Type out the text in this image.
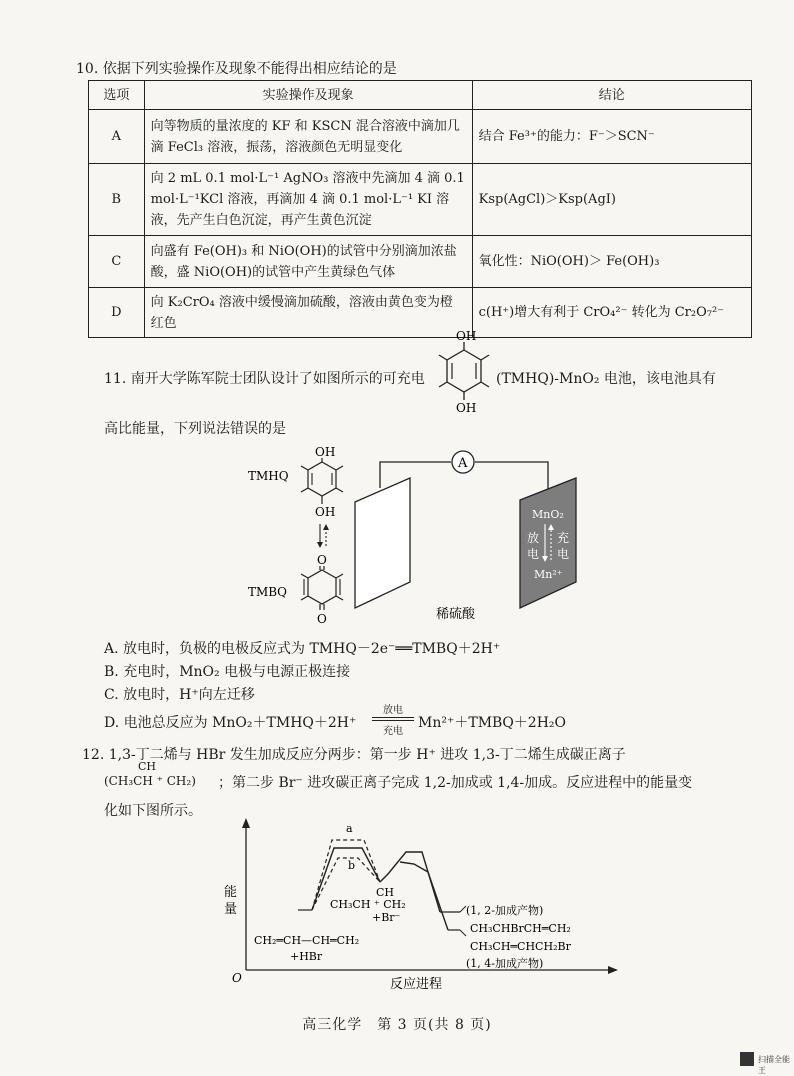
10. 依据下列实验操作及现象不能得出相应结论的是
选项	实验操作及现象	结论
A	向等物质的量浓度的 KF 和 KSCN 混合溶液中滴加几滴 FeCl₃ 溶液，振荡，溶液颜色无明显变化	结合 Fe³⁺的能力：F⁻＞SCN⁻
B	向 2 mL 0.1 mol·L⁻¹ AgNO₃ 溶液中先滴加 4 滴 0.1 mol·L⁻¹KCl 溶液，再滴加 4 滴 0.1 mol·L⁻¹ KI 溶液，先产生白色沉淀，再产生黄色沉淀	Ksp(AgCl)＞Ksp(AgI)
C	向盛有 Fe(OH)₃ 和 NiO(OH)的试管中分别滴加浓盐酸，盛 NiO(OH)的试管中产生黄绿色气体	氧化性：NiO(OH)＞ Fe(OH)₃
D	向 K₂CrO₄ 溶液中缓慢滴加硫酸，溶液由黄色变为橙红色	c(H⁺)增大有利于 CrO₄²⁻ 转化为 Cr₂O₇²⁻
11. 南开大学陈军院士团队设计了如图所示的可充电
OH
OH
(TMHQ)-MnO₂ 电池，该电池具有
高比能量，下列说法错误的是
TMHQ
OH
OH
TMBQ
O
O
A
MnO₂
放
电
充
电
Mn²⁺
稀硫酸
A. 放电时，负极的电极反应式为 TMHQ－2e⁻══TMBQ＋2H⁺
B. 充电时，MnO₂ 电极与电源正极连接
C. 放电时，H⁺向左迁移
D. 电池总反应为 MnO₂＋TMHQ＋2H⁺
放电
充电
Mn²⁺＋TMBQ＋2H₂O
12. 1,3-丁二烯与 HBr 发生加成反应分两步：第一步 H⁺ 进攻 1,3-丁二烯生成碳正离子
CH
(CH₃CH ⁺ CH₂) ；第二步 Br⁻ 进攻碳正离子完成 1,2-加成或 1,4-加成。反应进程中的能量变
化如下图所示。
O
能
量
反应进程
a
b
CH₂═CH—CH═CH₂
+HBr
CH
CH₃CH ⁺ CH₂
+Br⁻
(1, 2-加成产物)
CH₃CHBrCH═CH₂
CH₃CH═CHCH₂Br
(1, 4-加成产物)
高三化学　第 3 页(共 8 页)
扫描全能王
